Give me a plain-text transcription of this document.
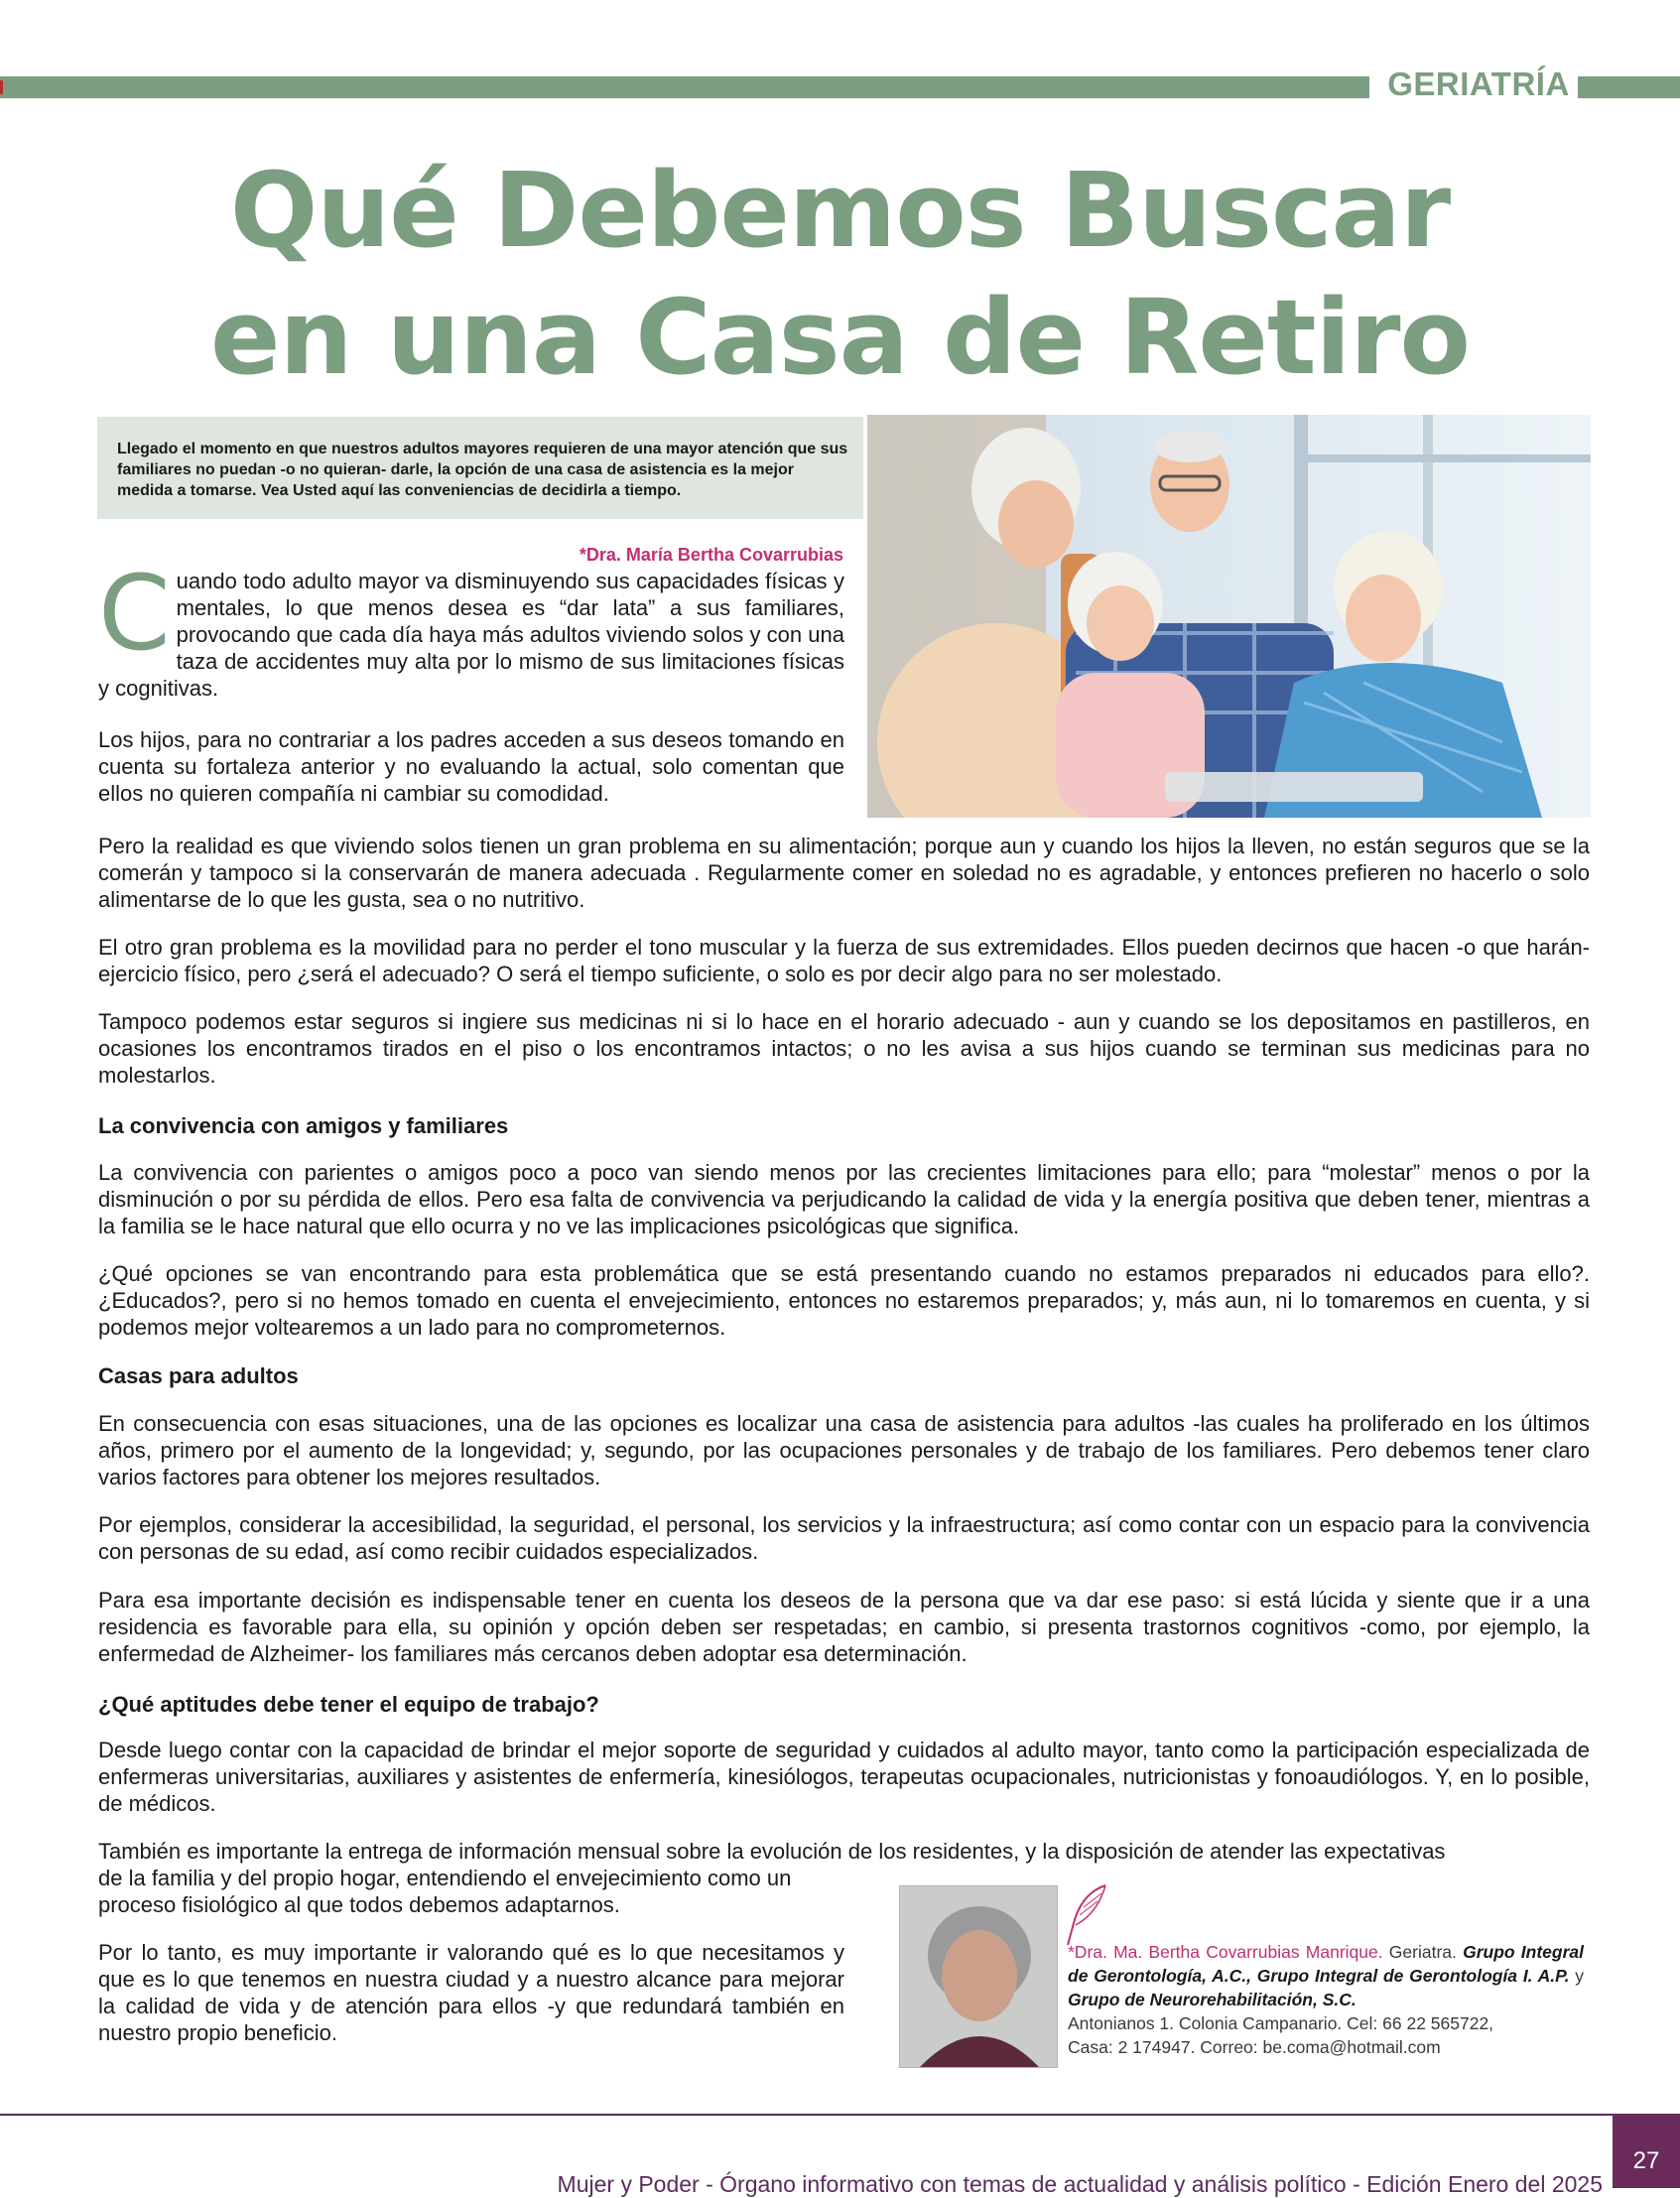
GERIATRÍA
Qué Debemos Buscar
en una Casa de Retiro

Llegado el momento en que nuestros adultos mayores requieren de una mayor atención que sus familiares no puedan -o no quieran- darle, la opción de una casa de asistencia es la mejor medida a tomarse. Vea Usted aquí las conveniencias de decidirla a tiempo.

*Dra. María Bertha Covarrubias
C uando todo adulto mayor va disminuyendo sus capacidades físicas y mentales, lo que menos desea es “dar lata” a sus familiares, provocando que cada día haya más adultos viviendo solos y con una taza de accidentes muy alta por lo mismo de sus limitaciones físicas y cognitivas.

Los hijos, para no contrariar a los padres acceden a sus deseos tomando en cuenta su fortaleza anterior y no evaluando la actual, solo comentan que ellos no quieren compañía ni cambiar su comodidad.

Pero la realidad es que viviendo solos tienen un gran problema en su alimentación; porque aun y cuando los hijos la lleven, no están seguros que se la comerán y tampoco si la conservarán de manera adecuada . Regularmente comer en soledad no es agradable, y entonces prefieren no hacerlo o solo alimentarse de lo que les gusta, sea o no nutritivo.

El otro gran problema es la movilidad para no perder el tono muscular y la fuerza de sus extremidades. Ellos pueden decirnos que hacen -o que harán- ejercicio físico, pero ¿será el adecuado? O será el tiempo suficiente, o solo es por decir algo para no ser molestado.

Tampoco podemos estar seguros si ingiere sus medicinas ni si lo hace en el horario adecuado - aun y cuando se los depositamos en pastilleros, en ocasiones los encontramos tirados en el piso o los encontramos intactos; o no les avisa a sus hijos cuando se terminan sus medicinas para no molestarlos.

La convivencia con amigos y familiares

La convivencia con parientes o amigos poco a poco van siendo menos por las crecientes limitaciones para ello; para “molestar” menos o por la disminución o por su pérdida de ellos. Pero esa falta de convivencia va perjudicando la calidad de vida y la energía positiva que deben tener, mientras a la familia se le hace natural que ello ocurra y no ve las implicaciones psicológicas que significa.

¿Qué opciones se van encontrando para esta problemática que se está presentando cuando no estamos preparados ni educados para ello?. ¿Educados?, pero si no hemos tomado en cuenta el envejecimiento, entonces no estaremos preparados; y, más aun, ni lo tomaremos en cuenta, y si podemos mejor voltearemos a un lado para no comprometernos.

Casas para adultos

En consecuencia con esas situaciones, una de las opciones es localizar una casa de asistencia para adultos -las cuales ha proliferado en los últimos años, primero por el aumento de la longevidad; y, segundo, por las ocupaciones personales y de trabajo de los familiares. Pero debemos tener claro varios factores para obtener los mejores resultados.

Por ejemplos, considerar la accesibilidad, la seguridad, el personal, los servicios y la infraestructura; así como contar con un espacio para la convivencia con personas de su edad, así como recibir cuidados especializados.

Para esa importante decisión es indispensable tener en cuenta los deseos de la persona que va dar ese paso: si está lúcida y siente que ir a una residencia es favorable para ella, su opinión y opción deben ser respetadas; en cambio, si presenta trastornos cognitivos -como, por ejemplo, la enfermedad de Alzheimer- los familiares más cercanos deben adoptar esa determinación.

¿Qué aptitudes debe tener el equipo de trabajo?

Desde luego contar con la capacidad de brindar el mejor soporte de seguridad y cuidados al adulto mayor, tanto como la participación especializada de enfermeras universitarias, auxiliares y asistentes de enfermería, kinesiólogos, terapeutas ocupacionales, nutricionistas y fonoaudiólogos. Y, en lo posible, de médicos.

También es importante la entrega de información mensual sobre la evolución de los residentes, y la disposición de atender las expectativas

de la familia y del propio hogar, entendiendo el envejecimiento como un proceso fisiológico al que todos debemos adaptarnos.

Por lo tanto, es muy importante ir valorando qué es lo que necesitamos y que es lo que tenemos en nuestra ciudad y a nuestro alcance para mejorar la calidad de vida y de atención para ellos -y que redundará también en nuestro propio beneficio.

*Dra. Ma. Bertha Covarrubias Manrique. Geriatra. Grupo Integral de Gerontología, A.C., Grupo Integral de Gerontología I. A.P. y Grupo de Neurorehabilitación, S.C.
Antonianos 1. Colonia Campanario. Cel: 66 22 565722,
Casa: 2 174947. Correo: be.coma@hotmail.com

Mujer y Poder - Órgano informativo con temas de actualidad y análisis político - Edición Enero del 2025
27
